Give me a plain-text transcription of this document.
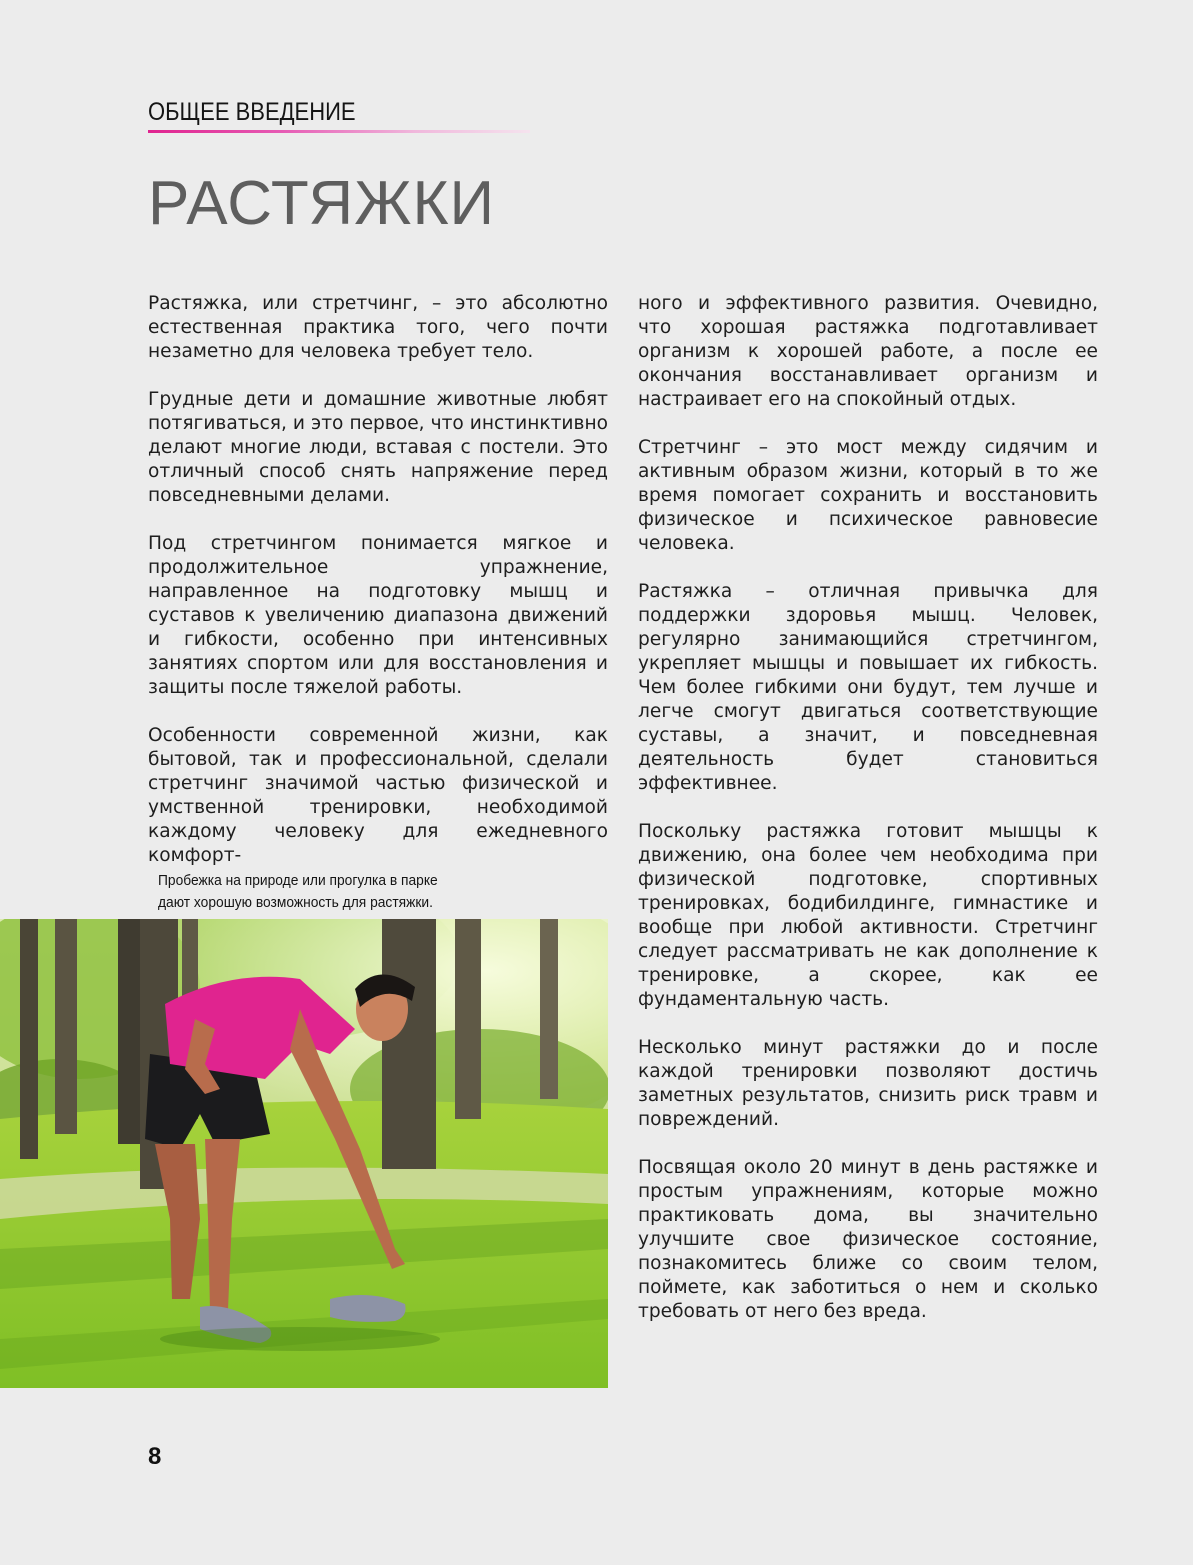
ОБЩЕЕ ВВЕДЕНИЕ
РАСТЯЖКИ

Растяжка, или стретчинг, – это абсолютно естественная практика того, чего почти незаметно для человека требует тело.

Грудные дети и домашние животные любят потягиваться, и это первое, что инстинктивно делают многие люди, вставая с постели. Это отличный способ снять напряжение перед повседневными делами.

Под стретчингом понимается мягкое и продолжительное упражнение, направленное на подготовку мышц и суставов к увеличению диапазона движений и гибкости, особенно при интенсивных занятиях спортом или для восстановления и защиты после тяжелой работы.

Особенности современной жизни, как бытовой, так и профессиональной, сделали стретчинг значимой частью физической и умственной тренировки, необходимой каждому человеку для ежедневного комфорт-

ного и эффективного развития. Очевидно, что хорошая растяжка подготавливает организм к хорошей работе, а после ее окончания восстанавливает организм и настраивает его на спокойный отдых.

Стретчинг – это мост между сидячим и активным образом жизни, который в то же время помогает сохранить и восстановить физическое и психическое равновесие человека.

Растяжка – отличная привычка для поддержки здоровья мышц. Человек, регулярно занимающийся стретчингом, укрепляет мышцы и повышает их гибкость. Чем более гибкими они будут, тем лучше и легче смогут двигаться соответствующие суставы, а значит, и повседневная деятельность будет становиться эффективнее.

Поскольку растяжка готовит мышцы к движению, она более чем необходима при физической подготовке, спортивных тренировках, бодибилдинге, гимнастике и вообще при любой активности. Стретчинг следует рассматривать не как дополнение к тренировке, а скорее, как ее фундаментальную часть.

Несколько минут растяжки до и после каждой тренировки позволяют достичь заметных результатов, снизить риск травм и повреждений.

Посвящая около 20 минут в день растяжке и простым упражнениям, которые можно практиковать дома, вы значительно улучшите свое физическое состояние, познакомитесь ближе со своим телом, поймете, как заботиться о нем и сколько требовать от него без вреда.

Пробежка на природе или прогулка в парке
дают хорошую возможность для растяжки.
8
